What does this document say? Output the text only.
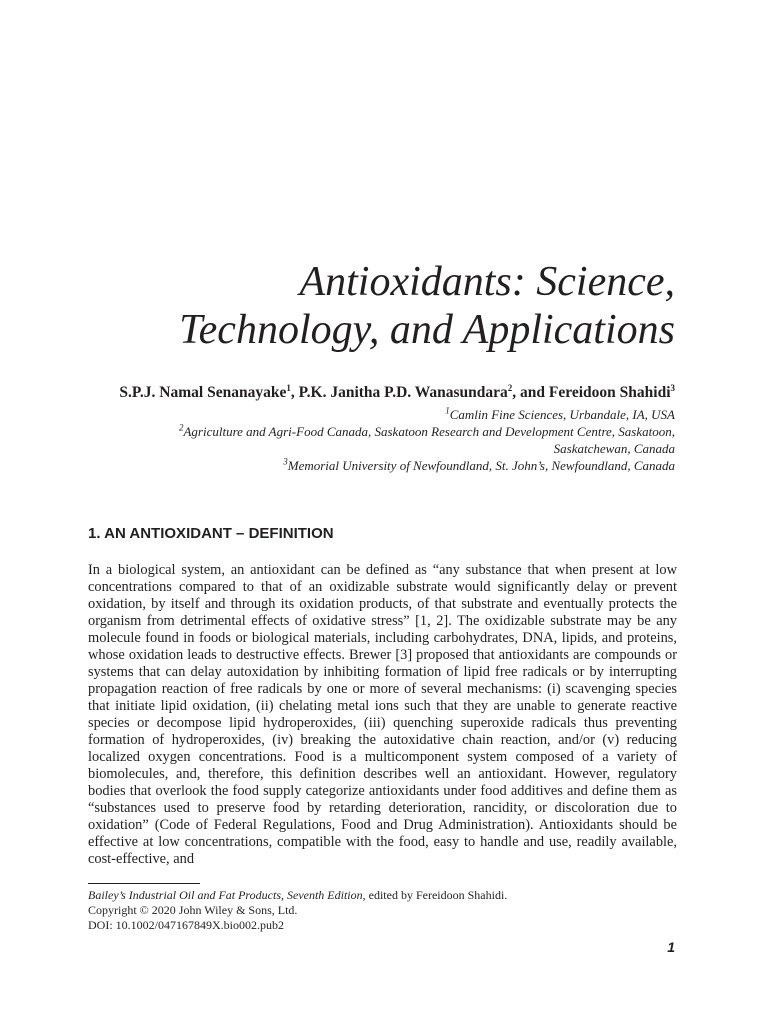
Antioxidants: Science,
Technology, and Applications

S.P.J. Namal Senanayake$^1$, P.K. Janitha P.D. Wanasundara$^2$, and Fereidoon Shahidi$^3$

$^1$Camlin Fine Sciences, Urbandale, IA, USA
$^2$Agriculture and Agri-Food Canada, Saskatoon Research and Development Centre, Saskatoon,
Saskatchewan, Canada
$^3$Memorial University of Newfoundland, St. John’s, Newfoundland, Canada
1. AN ANTIOXIDANT – DEFINITION

In a biological system, an antioxidant can be defined as “any substance that when present at low concentrations compared to that of an oxidizable substrate would significantly delay or prevent oxidation, by itself and through its oxidation products, of that substrate and eventually protects the organism from detrimental effects of oxidative stress” [1, 2]. The oxidizable substrate may be any molecule found in foods or biological materials, including carbohydrates, DNA, lipids, and proteins, whose oxidation leads to destructive effects. Brewer [3] proposed that antioxidants are compounds or systems that can delay autoxidation by inhibiting formation of lipid free radicals or by interrupting propagation reaction of free radicals by one or more of several mechanisms: (i) scavenging species that initiate lipid oxidation, (ii) chelating metal ions such that they are unable to generate reactive species or decompose lipid hydroperoxides, (iii) quenching superoxide radicals thus preventing formation of hydroperoxides, (iv) breaking the autoxidative chain reaction, and/or (v) reducing localized oxygen concentrations. Food is a multicomponent system composed of a variety of biomolecules, and, therefore, this definition describes well an antioxidant. However, regulatory bodies that overlook the food supply categorize antioxidants under food additives and define them as “substances used to preserve food by retarding deterioration, rancidity, or discoloration due to oxidation” (Code of Federal Regulations, Food and Drug Administration). Antioxidants should be effective at low concentrations, compatible with the food, easy to handle and use, readily available, cost-effective, and

Bailey’s Industrial Oil and Fat Products, Seventh Edition, edited by Fereidoon Shahidi.
Copyright © 2020 John Wiley & Sons, Ltd.
DOI: 10.1002/047167849X.bio002.pub2
1
